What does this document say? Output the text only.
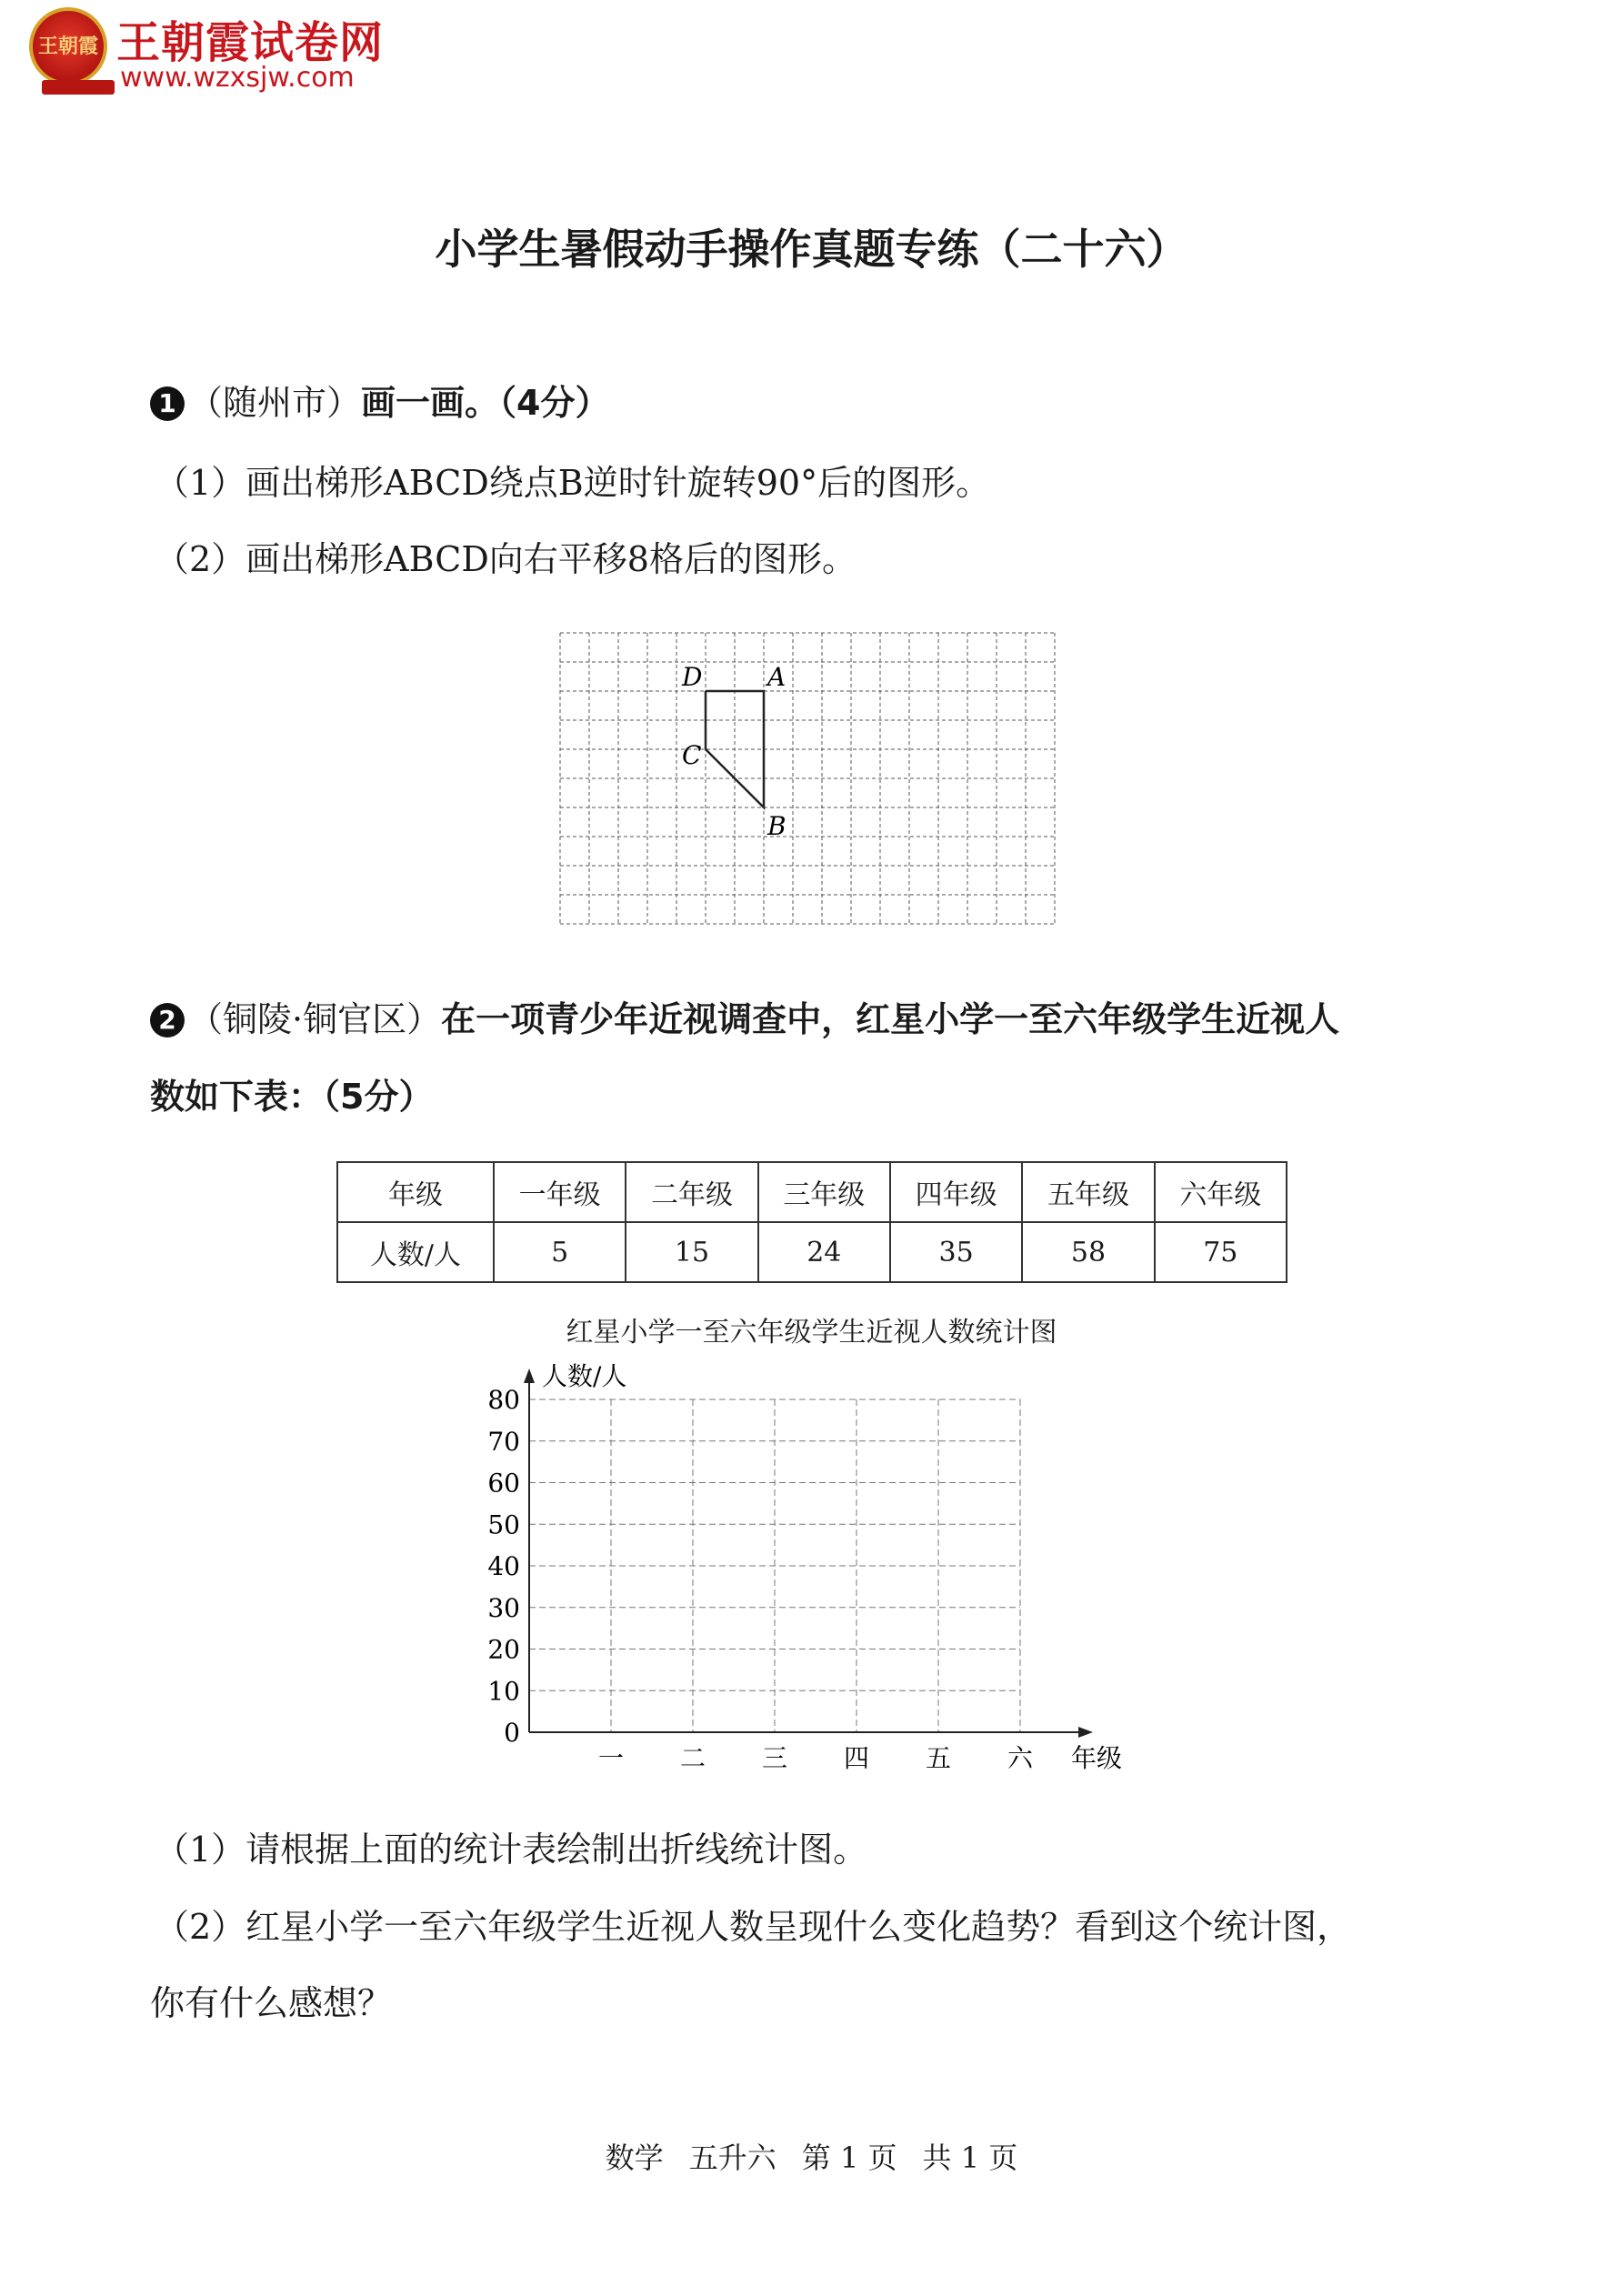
王朝霞 王朝霞试卷网
www.wzxsjw.com
小学生暑假动手操作真题专练（二十六）
1 （随州市）画一画。（4分）
（1）画出梯形ABCD绕点B逆时针旋转90°后的图形。
（2）画出梯形ABCD向右平移8格后的图形。
D	A
C
B
2 （铜陵·铜官区）在一项青少年近视调查中，红星小学一至六年级学生近视人
数如下表：（5分）
年级	一年级	二年级	三年级	四年级	五年级	六年级
人数/人	5	15	24	35	58	75
红星小学一至六年级学生近视人数统计图
0
10
20
30
40
50
60
70
80
一 二 三 四 五 六
人数/人
年级
（1）请根据上面的统计表绘制出折线统计图。
（2）红星小学一至六年级学生近视人数呈现什么变化趋势？看到这个统计图，
你有什么感想？
数学 五升六 第 1 页 共 1 页
